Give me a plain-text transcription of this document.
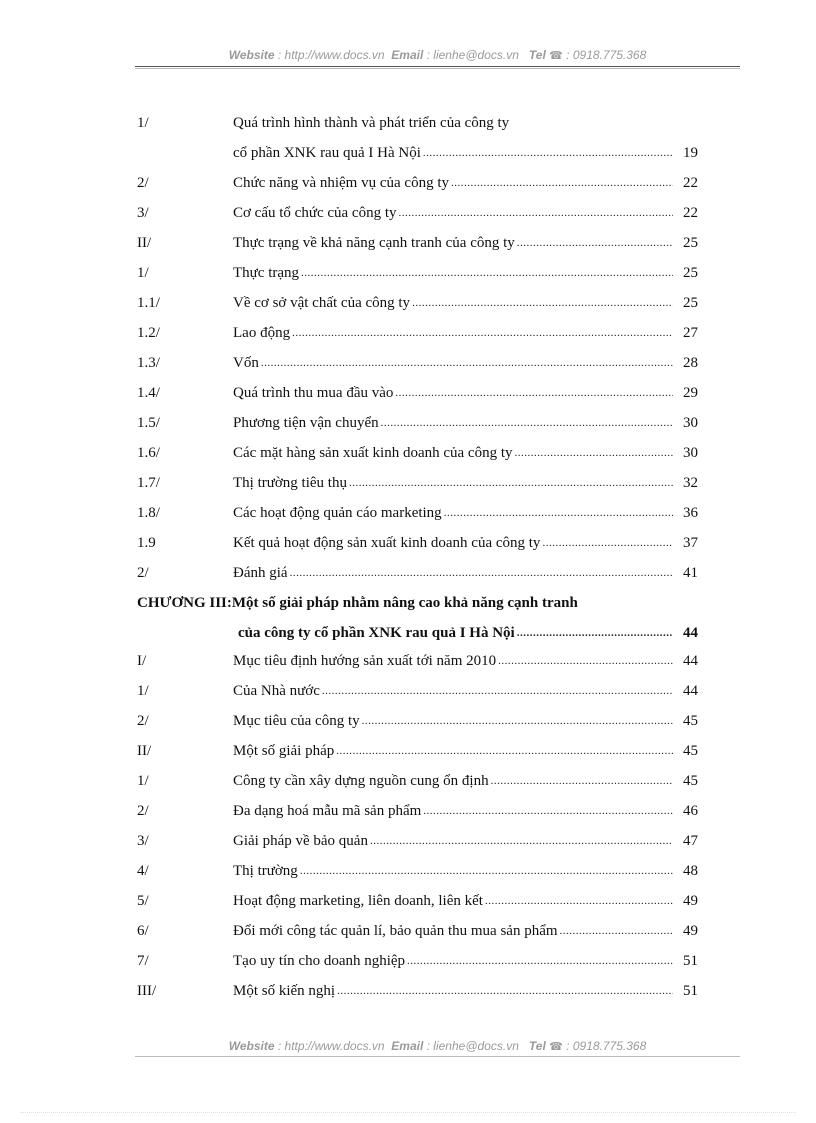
Website : http://www.docs.vn Email : lienhe@docs.vn Tel ☎ : 0918.775.368
1/	Quá trình hình thành và phát triển của công ty
cổ phần XNK rau quả I Hà Nội .....	19
2/	Chức năng và nhiệm vụ của công ty .....	22
3/	Cơ cấu tổ chức của công ty .....	22
II/	Thực trạng về khả năng cạnh tranh của công ty .....	25
1/	Thực trạng .....	25
1.1/	Về cơ sở vật chất của công ty .....	25
1.2/	Lao động .....	27
1.3/	Vốn .....	28
1.4/	Quá trình thu mua đầu vào .....	29
1.5/	Phương tiện vận chuyển .....	30
1.6/	Các mặt hàng sản xuất kinh doanh của công ty .....	30
1.7/	Thị trường tiêu thụ .....	32
1.8/	Các hoạt động quản cáo marketing .....	36
1.9	Kết quả hoạt động sản xuất kinh doanh của công ty .....	37
2/	Đánh giá .....	41
CHƯƠNG III:Một số giải pháp nhằm nâng cao khả năng cạnh tranh
của công ty cổ phần XNK rau quả I Hà Nội .....	44
I/	Mục tiêu định hướng sản xuất tới năm 2010 .....	44
1/	Của Nhà nước .....	44
2/	Mục tiêu của công ty .....	45
II/	Một số giải pháp .....	45
1/	Công ty cần xây dựng nguồn cung ổn định .....	45
2/	Đa dạng hoá mẫu mã sản phẩm .....	46
3/	Giải pháp về bảo quản .....	47
4/	Thị trường .....	48
5/	Hoạt động marketing, liên doanh, liên kết .....	49
6/	Đổi mới công tác quản lí, bảo quản thu mua sản phẩm .....	49
7/	Tạo uy tín cho doanh nghiệp .....	51
III/	Một số kiến nghị .....	51
Website : http://www.docs.vn Email : lienhe@docs.vn Tel ☎ : 0918.775.368
